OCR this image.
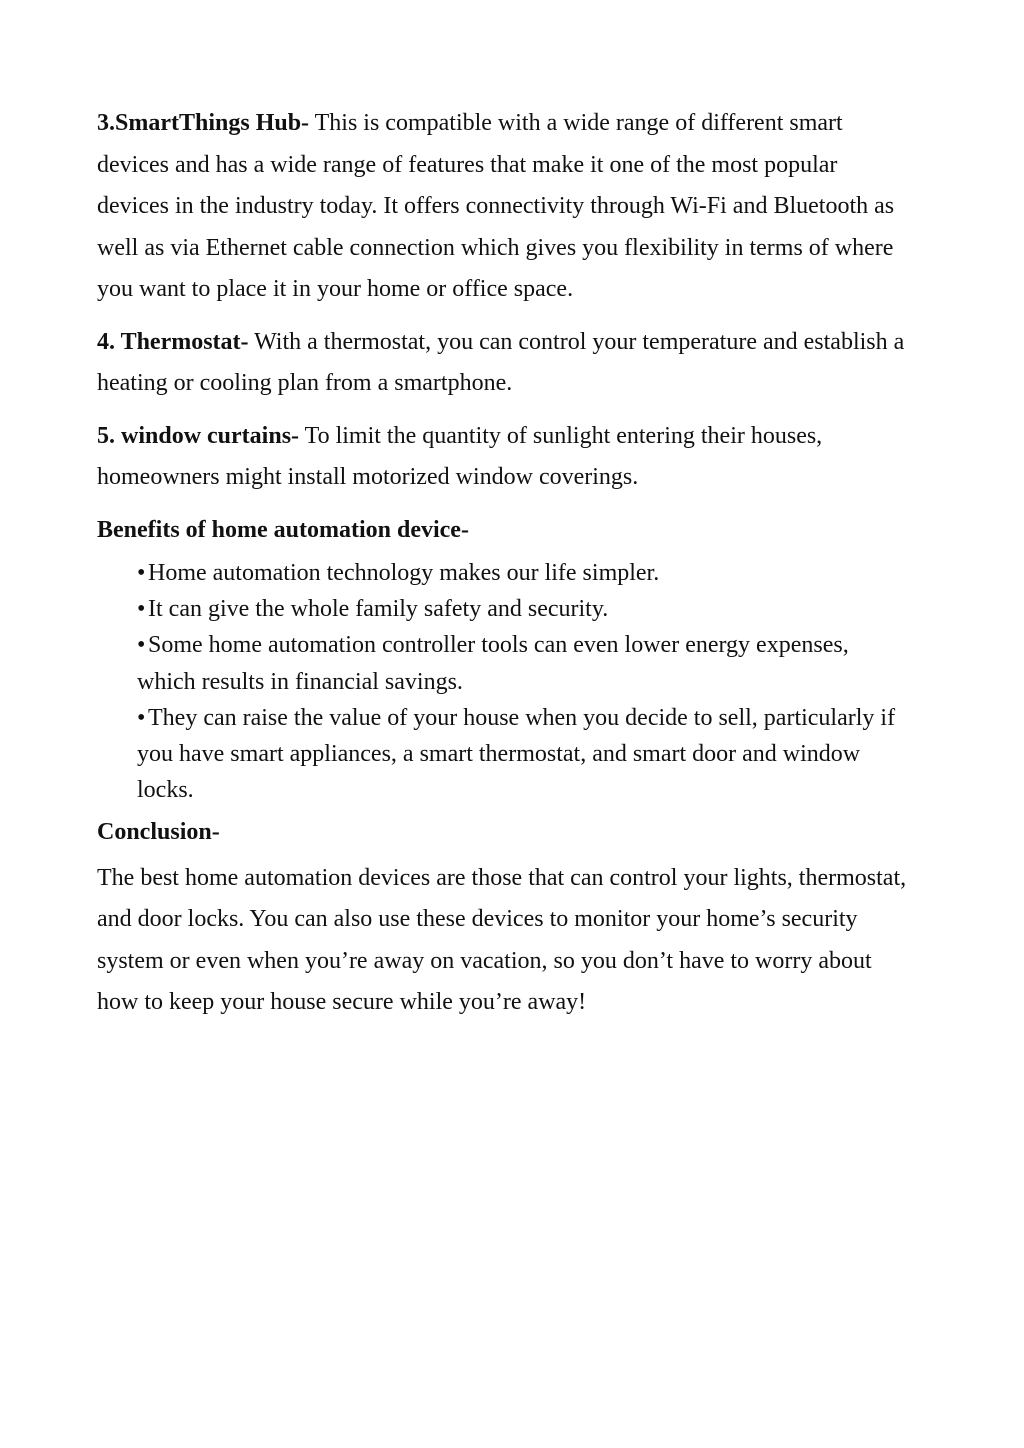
3.SmartThings Hub- This is compatible with a wide range of different smart devices and has a wide range of features that make it one of the most popular devices in the industry today. It offers connectivity through Wi-Fi and Bluetooth as well as via Ethernet cable connection which gives you flexibility in terms of where you want to place it in your home or office space.

4. Thermostat- With a thermostat, you can control your temperature and establish a heating or cooling plan from a smartphone.

5. window curtains- To limit the quantity of sunlight entering their houses, homeowners might install motorized window coverings.

Benefits of home automation device-

• Home automation technology makes our life simpler.
• It can give the whole family safety and security.
• Some home automation controller tools can even lower energy expenses, which results in financial savings.
• They can raise the value of your house when you decide to sell, particularly if you have smart appliances, a smart thermostat, and smart door and window locks.

Conclusion-

The best home automation devices are those that can control your lights, thermostat, and door locks. You can also use these devices to monitor your home’s security system or even when you’re away on vacation, so you don’t have to worry about how to keep your house secure while you’re away!
